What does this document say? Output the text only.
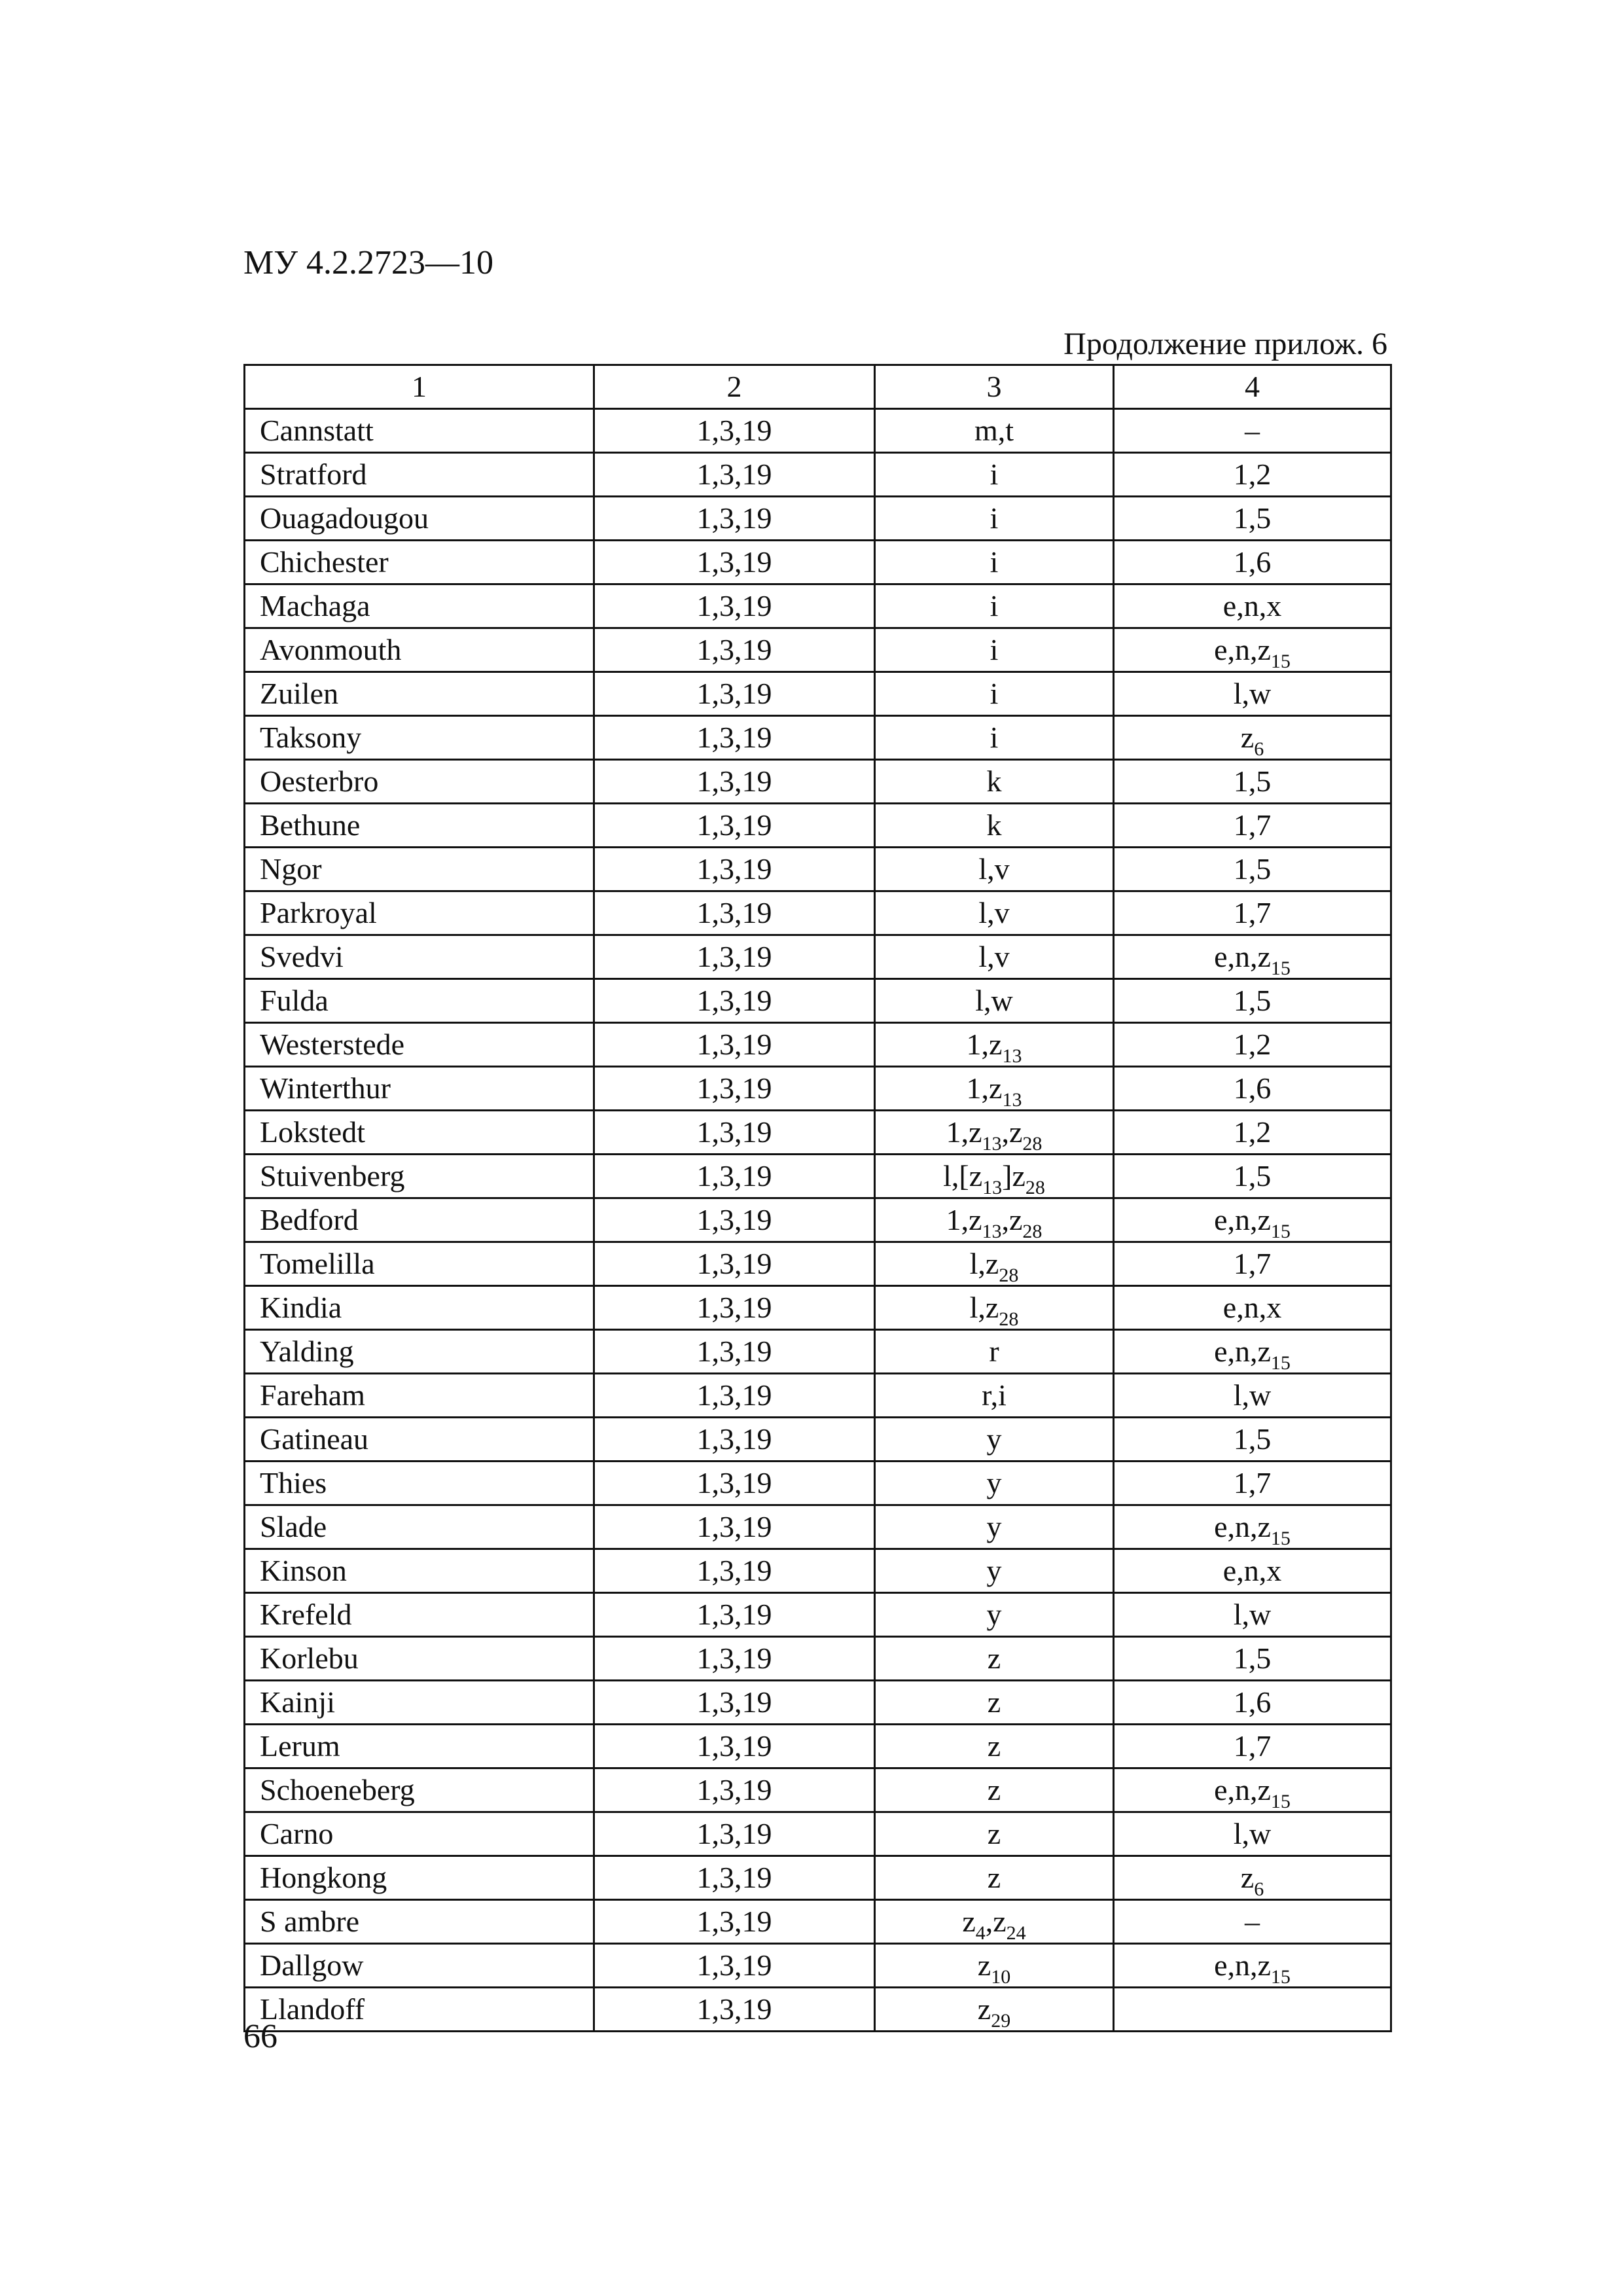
МУ 4.2.2723—10
Продолжение прилож. 6
1	2	3	4
Cannstatt	1,3,19	m,t	–
Stratford	1,3,19	i	1,2
Ouagadougou	1,3,19	i	1,5
Chichester	1,3,19	i	1,6
Machaga	1,3,19	i	e,n,x
Avonmouth	1,3,19	i	$e,n,z_{15}$
Zuilen	1,3,19	i	l,w
Taksony	1,3,19	i	$z_6$
Oesterbro	1,3,19	k	1,5
Bethune	1,3,19	k	1,7
Ngor	1,3,19	l,v	1,5
Parkroyal	1,3,19	l,v	1,7
Svedvi	1,3,19	l,v	$e,n,z_{15}$
Fulda	1,3,19	l,w	1,5
Westerstede	1,3,19	$1,z_{13}$	1,2
Winterthur	1,3,19	$1,z_{13}$	1,6
Lokstedt	1,3,19	$1,z_{13},z_{28}$	1,2
Stuivenberg	1,3,19	$l,[z_{13}]z_{28}$	1,5
Bedford	1,3,19	$1,z_{13},z_{28}$	$e,n,z_{15}$
Tomelilla	1,3,19	$l,z_{28}$	1,7
Kindia	1,3,19	$l,z_{28}$	e,n,x
Yalding	1,3,19	r	$e,n,z_{15}$
Fareham	1,3,19	r,i	l,w
Gatineau	1,3,19	y	1,5
Thies	1,3,19	y	1,7
Slade	1,3,19	y	$e,n,z_{15}$
Kinson	1,3,19	y	e,n,x
Krefeld	1,3,19	y	l,w
Korlebu	1,3,19	z	1,5
Kainji	1,3,19	z	1,6
Lerum	1,3,19	z	1,7
Schoeneberg	1,3,19	z	$e,n,z_{15}$
Carno	1,3,19	z	l,w
Hongkong	1,3,19	z	$z_6$
S ambre	1,3,19	$z_4,z_{24}$	–
Dallgow	1,3,19	$z_{10}$	$e,n,z_{15}$
Llandoff	1,3,19	$z_{29}$	
66
